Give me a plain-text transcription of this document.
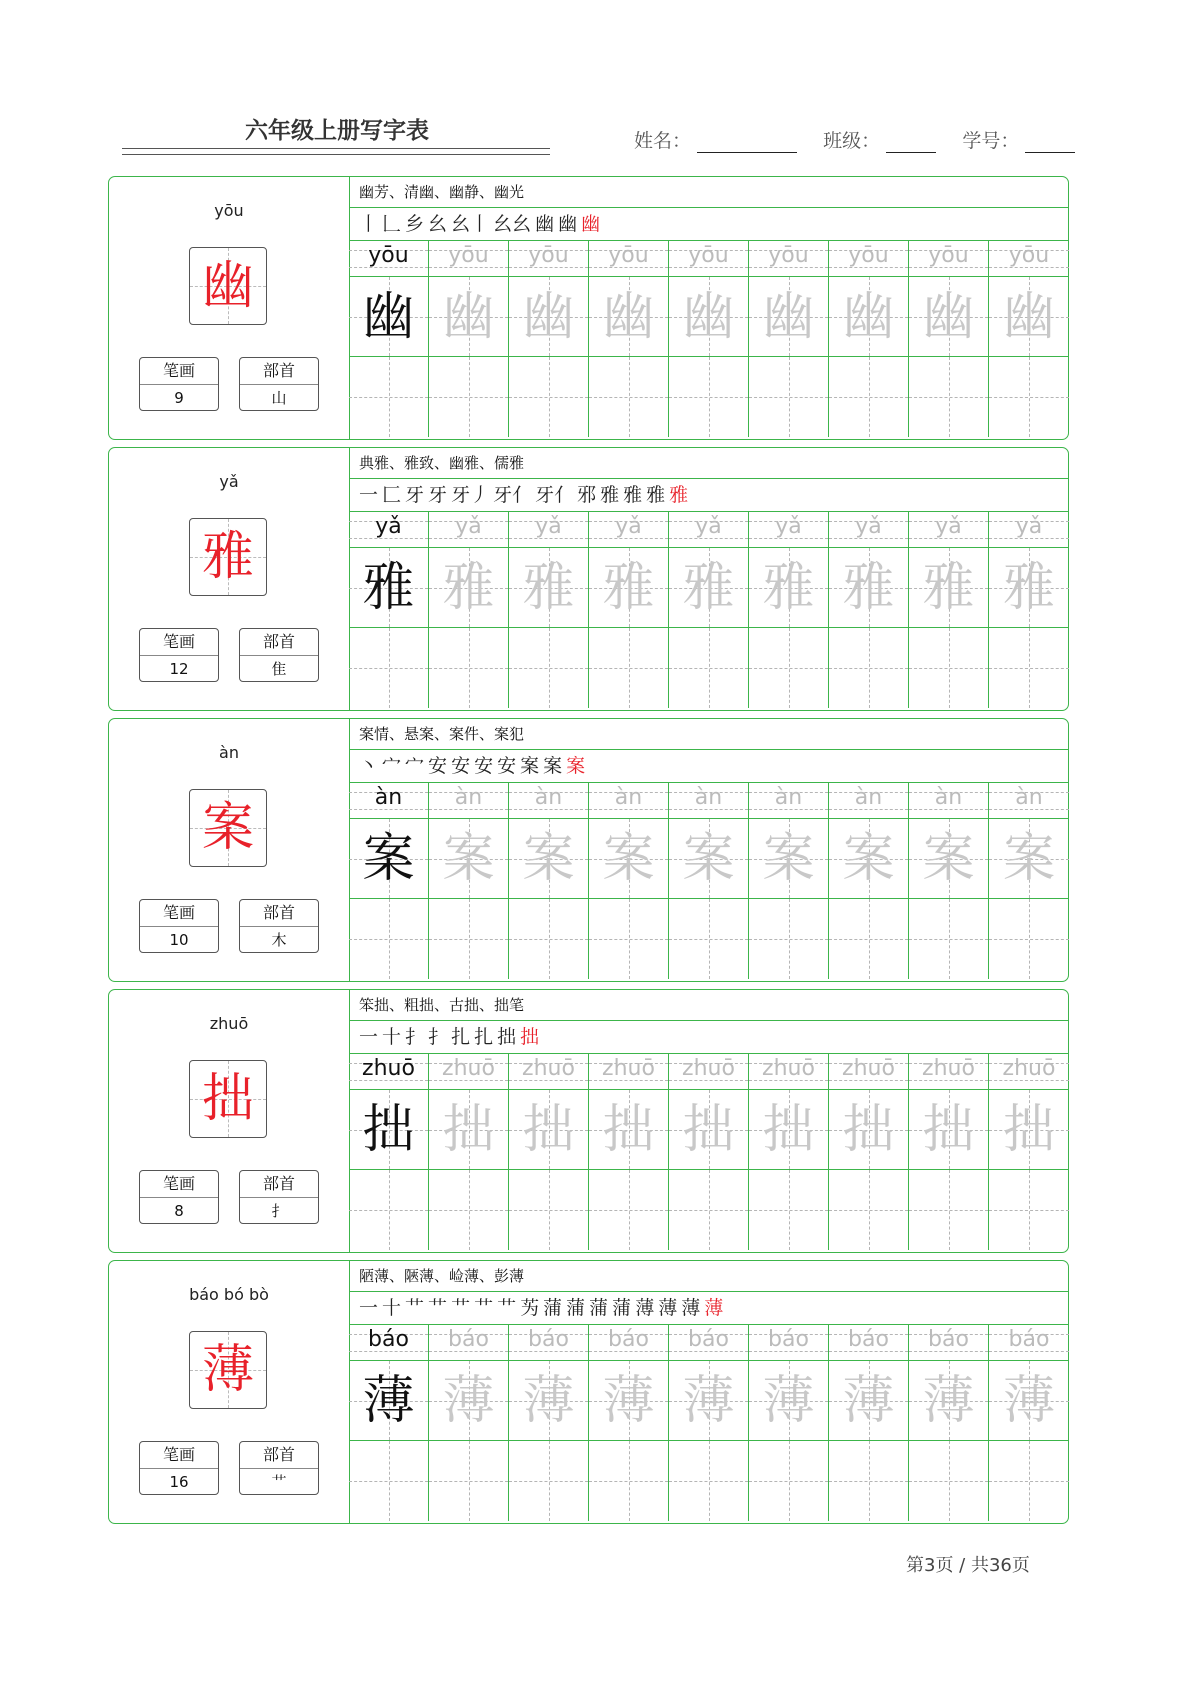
六年级上册写字表	姓名：	班级：	学号：
yōu
幽
笔画
9
部首
山
幽芳、清幽、幽静、幽光
丨 𠃊 乡 幺 幺丨 幺幺 幽 幽 幽
yōu	yōu	yōu	yōu	yōu	yōu	yōu	yōu	yōu
幽 幽 幽 幽 幽 幽 幽 幽 幽
yǎ
雅
笔画
12
部首
隹
典雅、雅致、幽雅、儒雅
一 匚 牙 牙 牙丿 牙亻 牙亻 邪 雅 雅 雅 雅
yǎ	yǎ	yǎ	yǎ	yǎ	yǎ	yǎ	yǎ	yǎ
雅 雅 雅 雅 雅 雅 雅 雅 雅
àn
案
笔画
10
部首
木
案情、悬案、案件、案犯
丶 宀 宀 安 安 安 安 案 案 案
àn	àn	àn	àn	àn	àn	àn	àn	àn
案 案 案 案 案 案 案 案 案
zhuō
拙
笔画
8
部首
扌
笨拙、粗拙、古拙、拙笔
一 十 扌 扌 扎 扎 拙 拙
zhuō	zhuō	zhuō	zhuō	zhuō	zhuō	zhuō	zhuō	zhuō
拙 拙 拙 拙 拙 拙 拙 拙 拙
báo bó bò
薄
笔画
16
部首
艹
陋薄、陿薄、崄薄、彭薄
一 十 艹 艹 艹 艹 艹 𫇭 蒲 蒲 蒲 蒲 薄 薄 薄 薄
báo	báo	báo	báo	báo	báo	báo	báo	báo
薄 薄 薄 薄 薄 薄 薄 薄 薄
第3页 / 共36页
